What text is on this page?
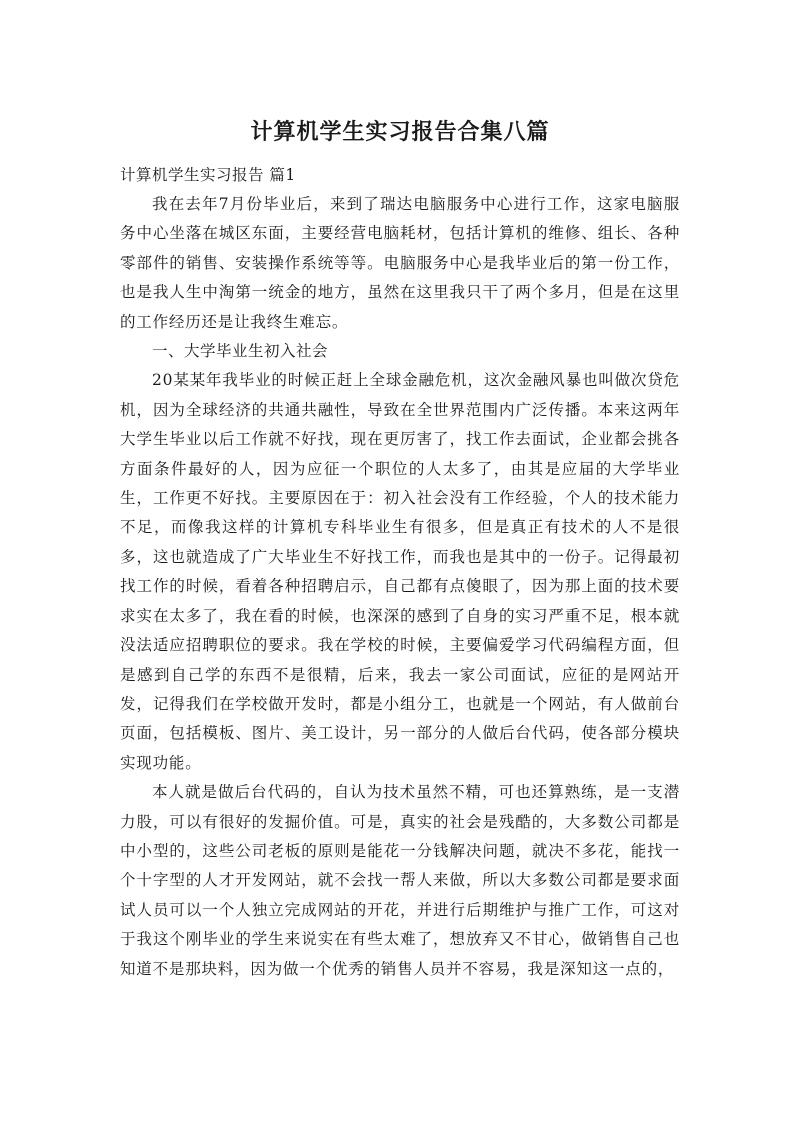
计算机学生实习报告合集八篇

计算机学生实习报告 篇1

我在去年7月份毕业后，来到了瑞达电脑服务中心进行工作，这家电脑服务中心坐落在城区东面，主要经营电脑耗材，包括计算机的维修、组长、各种零部件的销售、安装操作系统等等。电脑服务中心是我毕业后的第一份工作，也是我人生中淘第一统金的地方，虽然在这里我只干了两个多月，但是在这里的工作经历还是让我终生难忘。

一、大学毕业生初入社会

20某某年我毕业的时候正赶上全球金融危机，这次金融风暴也叫做次贷危机，因为全球经济的共通共融性，导致在全世界范围内广泛传播。本来这两年大学生毕业以后工作就不好找，现在更厉害了，找工作去面试，企业都会挑各方面条件最好的人，因为应征一个职位的人太多了，由其是应届的大学毕业生，工作更不好找。主要原因在于：初入社会没有工作经验，个人的技术能力不足，而像我这样的计算机专科毕业生有很多，但是真正有技术的人不是很多，这也就造成了广大毕业生不好找工作，而我也是其中的一份子。记得最初找工作的时候，看着各种招聘启示，自己都有点傻眼了，因为那上面的技术要求实在太多了，我在看的时候，也深深的感到了自身的实习严重不足，根本就没法适应招聘职位的要求。我在学校的时候，主要偏爱学习代码编程方面，但是感到自己学的东西不是很精，后来，我去一家公司面试，应征的是网站开发，记得我们在学校做开发时，都是小组分工，也就是一个网站，有人做前台页面，包括模板、图片、美工设计，另一部分的人做后台代码，使各部分模块实现功能。

本人就是做后台代码的，自认为技术虽然不精，可也还算熟练，是一支潜力股，可以有很好的发掘价值。可是，真实的社会是残酷的，大多数公司都是中小型的，这些公司老板的原则是能花一分钱解决问题，就决不多花，能找一个十字型的人才开发网站，就不会找一帮人来做，所以大多数公司都是要求面试人员可以一个人独立完成网站的开花，并进行后期维护与推广工作，可这对于我这个刚毕业的学生来说实在有些太难了，想放弃又不甘心，做销售自己也知道不是那块料，因为做一个优秀的销售人员并不容易，我是深知这一点的，
